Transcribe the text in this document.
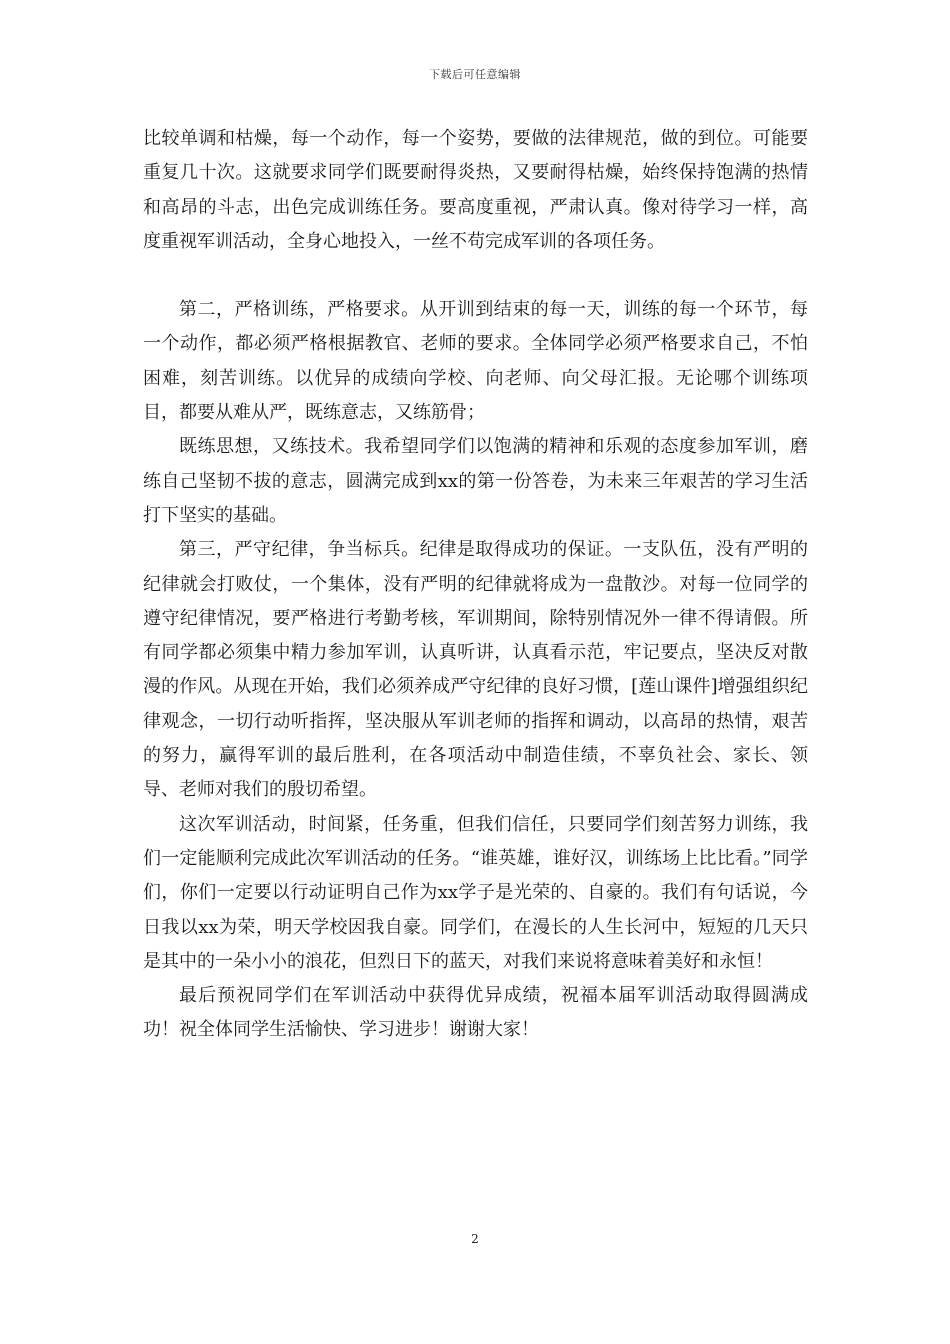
下载后可任意编辑

比较单调和枯燥，每一个动作，每一个姿势，要做的法律规范，做的到位。可能要重复几十次。这就要求同学们既要耐得炎热，又要耐得枯燥，始终保持饱满的热情和高昂的斗志，出色完成训练任务。要高度重视，严肃认真。像对待学习一样，高度重视军训活动，全身心地投入，一丝不苟完成军训的各项任务。

第二，严格训练，严格要求。从开训到结束的每一天，训练的每一个环节，每一个动作，都必须严格根据教官、老师的要求。全体同学必须严格要求自己，不怕困难，刻苦训练。以优异的成绩向学校、向老师、向父母汇报。无论哪个训练项目，都要从难从严，既练意志，又练筋骨；

既练思想，又练技术。我希望同学们以饱满的精神和乐观的态度参加军训，磨练自己坚韧不拔的意志，圆满完成到xx的第一份答卷，为未来三年艰苦的学习生活打下坚实的基础。

第三，严守纪律，争当标兵。纪律是取得成功的保证。一支队伍，没有严明的纪律就会打败仗，一个集体，没有严明的纪律就将成为一盘散沙。对每一位同学的遵守纪律情况，要严格进行考勤考核，军训期间，除特别情况外一律不得请假。所有同学都必须集中精力参加军训，认真听讲，认真看示范，牢记要点，坚决反对散漫的作风。从现在开始，我们必须养成严守纪律的良好习惯，[莲山课件]增强组织纪律观念，一切行动听指挥，坚决服从军训老师的指挥和调动，以高昂的热情，艰苦的努力，赢得军训的最后胜利，在各项活动中制造佳绩，不辜负社会、家长、领导、老师对我们的殷切希望。

这次军训活动，时间紧，任务重，但我们信任，只要同学们刻苦努力训练，我们一定能顺利完成此次军训活动的任务。“谁英雄，谁好汉，训练场上比比看。”同学们，你们一定要以行动证明自己作为xx学子是光荣的、自豪的。我们有句话说，今日我以xx为荣，明天学校因我自豪。同学们，在漫长的人生长河中，短短的几天只是其中的一朵小小的浪花，但烈日下的蓝天，对我们来说将意味着美好和永恒！

最后预祝同学们在军训活动中获得优异成绩，祝福本届军训活动取得圆满成功！祝全体同学生活愉快、学习进步！谢谢大家！

2
